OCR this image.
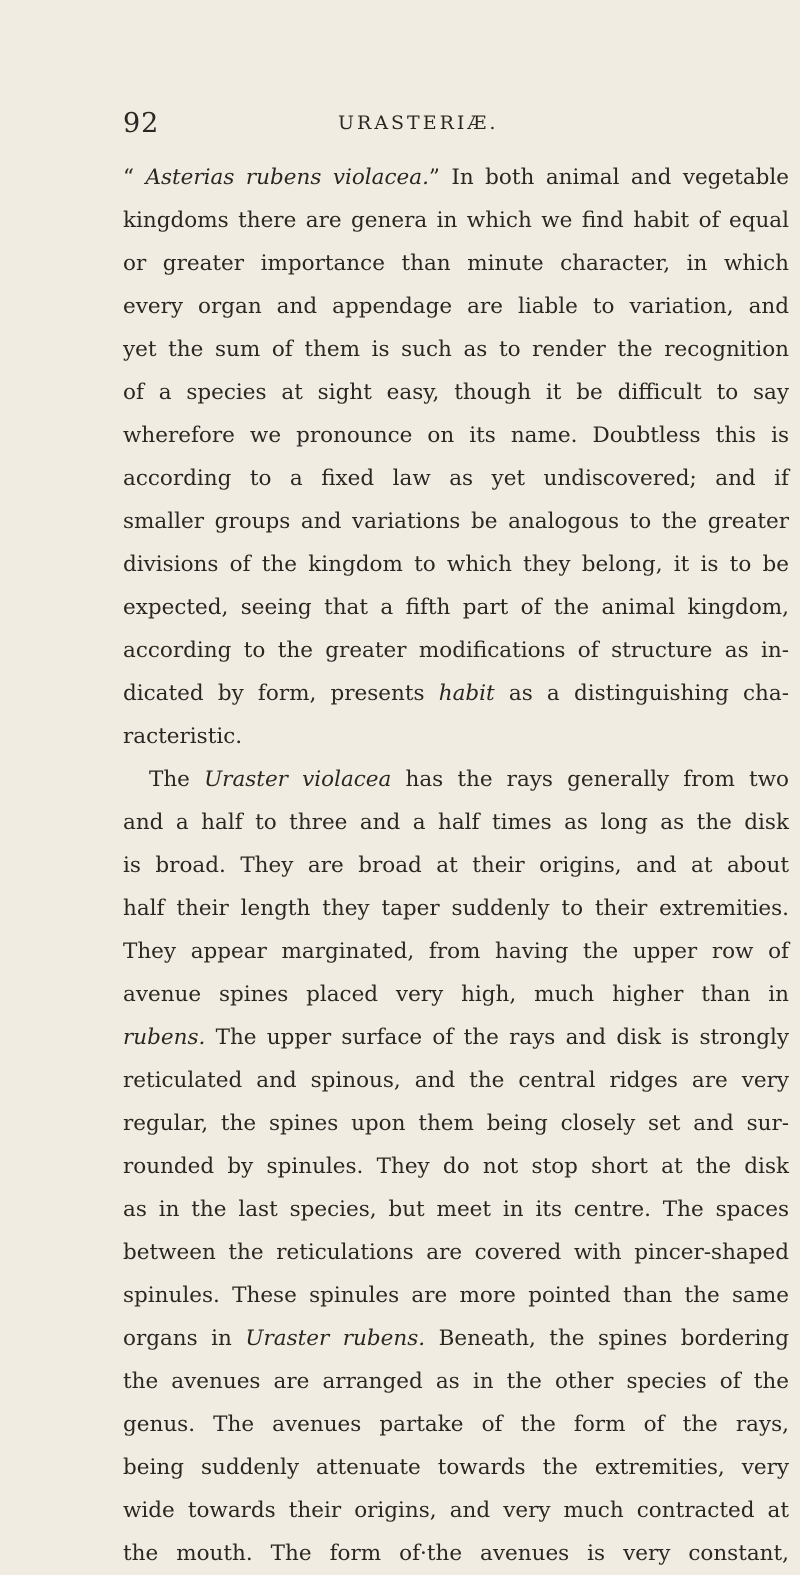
92	URASTERIÆ.
“ Asterias rubens violacea.” In both animal and vegetable
kingdoms there are genera in which we find habit of equal
or greater importance than minute character, in which
every organ and appendage are liable to variation, and
yet the sum of them is such as to render the recognition
of a species at sight easy, though it be difficult to say
wherefore we pronounce on its name. Doubtless this is
according to a fixed law as yet undiscovered; and if
smaller groups and variations be analogous to the greater
divisions of the kingdom to which they belong, it is to be
expected, seeing that a fifth part of the animal kingdom,
according to the greater modifications of structure as in-
dicated by form, presents habit as a distinguishing cha-
racteristic.
The Uraster violacea has the rays generally from two
and a half to three and a half times as long as the disk
is broad. They are broad at their origins, and at about
half their length they taper suddenly to their extremities.
They appear marginated, from having the upper row of
avenue spines placed very high, much higher than in
rubens. The upper surface of the rays and disk is strongly
reticulated and spinous, and the central ridges are very
regular, the spines upon them being closely set and sur-
rounded by spinules. They do not stop short at the disk
as in the last species, but meet in its centre. The spaces
between the reticulations are covered with pincer-shaped
spinules. These spinules are more pointed than the same
organs in Uraster rubens. Beneath, the spines bordering
the avenues are arranged as in the other species of the
genus. The avenues partake of the form of the rays,
being suddenly attenuate towards the extremities, very
wide towards their origins, and very much contracted at
the mouth. The form of·the avenues is very constant,
